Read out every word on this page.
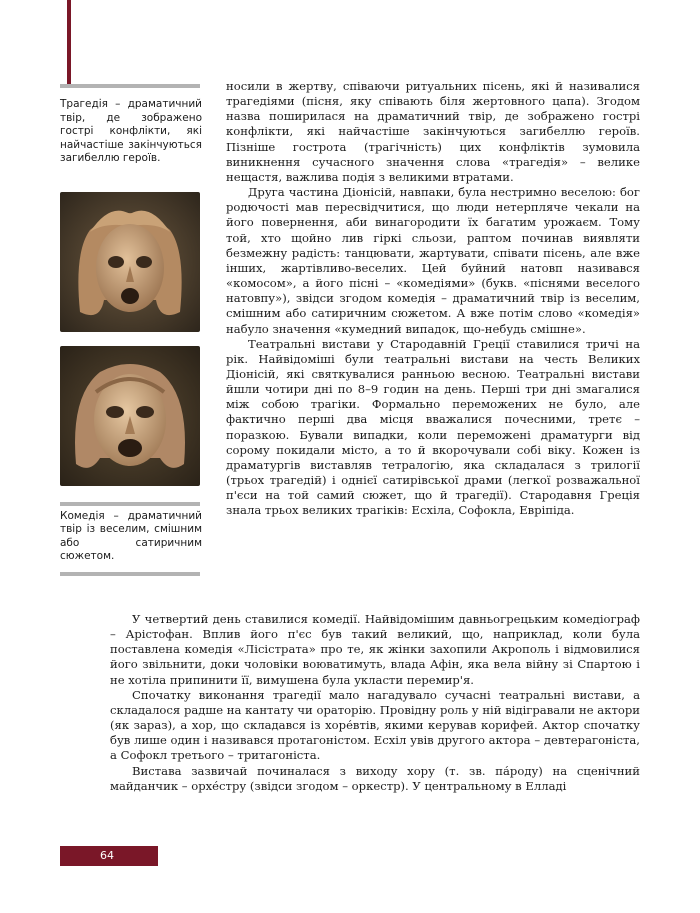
Трагедія – драматичний твір, де зображено гострі конфлікти, які найчастіше закінчуються загибеллю героїв.
Комедія – драматичний твір із веселим, смішним або сатиричним сюжетом.

носили в жертву, співаючи ритуальних пісень, які й називалися трагедіями (пісня, яку співають біля жертовного цапа). Згодом назва поширилася на драматичний твір, де зображено гострі конфлікти, які найчастіше закінчуються загибеллю героїв. Пізніше гострота (трагічність) цих конфліктів зумовила виникнення сучасного значення слова «трагедія» – велике нещастя, важлива подія з великими втратами.

Друга частина Діонісій, навпаки, була нестримно веселою: бог родючості мав пересвідчитися, що люди нетерпляче чекали на його повернення, аби винагородити їх багатим урожаєм. Тому той, хто щойно лив гіркі сльози, раптом починав виявляти безмежну радість: танцювати, жартувати, співати пісень, але вже інших, жартівливо-веселих. Цей буйний натовп називався «комосом», а його пісні – «комедіями» (букв. «піснями веселого натовпу»), звідси згодом комедія – драматичний твір із веселим, смішним або сатиричним сюжетом. А вже потім слово «комедія» набуло значення «кумедний випадок, що-небудь смішне».

Театральні вистави у Стародавній Греції ставилися тричі на рік. Найвідоміші були театральні вистави на честь Великих Діонісій, які святкувалися ранньою весною. Театральні вистави йшли чотири дні по 8–9 годин на день. Перші три дні змагалися між собою трагіки. Формально переможених не було, але фактично перші два місця вважалися почесними, третє – поразкою. Бували випадки, коли переможені драматурги від сорому покидали місто, а то й вкорочували собі віку. Кожен із драматургів виставляв тетралогію, яка складалася з трилогії (трьох трагедій) і однієї сатирівської драми (легкої розважальної п'єси на той самий сюжет, що й трагедії). Стародавня Греція знала трьох великих трагіків: Есхіла, Софокла, Евріпіда.

У четвертий день ставилися комедії. Найвідомішим давньогрецьким комедіограф – Арістофан. Вплив його п'єс був такий великий, що, наприклад, коли була поставлена комедія «Лісістрата» про те, як жінки захопили Акрополь і відмовилися його звільнити, доки чоловіки воюватимуть, влада Афін, яка вела війну зі Спартою і не хотіла припинити її, вимушена була укласти перемир'я.

Спочатку виконання трагедії мало нагадувало сучасні театральні вистави, а складалося радше на кантату чи ораторію. Провідну роль у ній відігравали не актори (як зараз), а хор, що складався із хоре́втів, якими керував корифей. Актор спочатку був лише один і називався протагоністом. Есхіл увів другого актора – девтерагоніста, а Софокл третього – тритагоніста.

Вистава зазвичай починалася з виходу хору (т. зв. па́роду) на сценічний майданчик – орхе́стру (звідси згодом – оркестр). У центральному в Елладі

64
